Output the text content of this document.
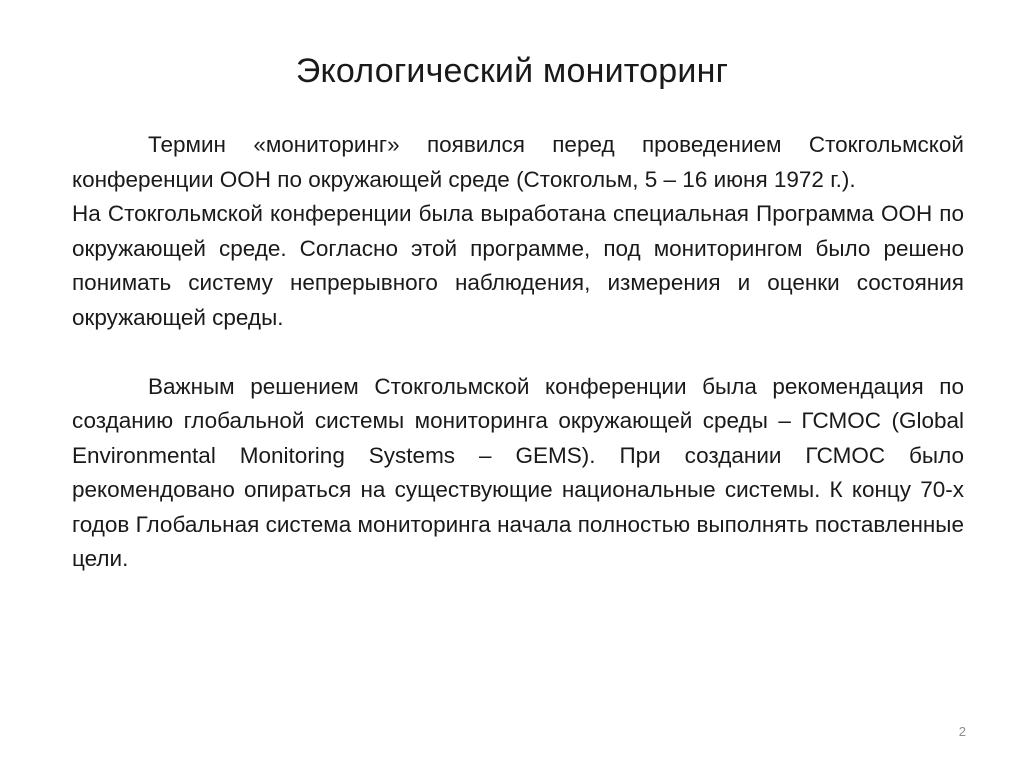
Экологический мониторинг

Термин «мониторинг» появился перед проведением Стокгольмской конференции ООН по окружающей среде (Стокгольм, 5 – 16 июня 1972 г.).

На Стокгольмской конференции была выработана специальная Программа ООН по окружающей среде. Согласно этой программе, под мониторингом было решено понимать систему непрерывного наблюдения, измерения и оценки состояния окружающей среды.

Важным решением Стокгольмской конференции была рекомендация по созданию глобальной системы мониторинга окружающей среды – ГСМОС (Global Environmental Monitoring Systems – GEMS). При создании ГСМОС было рекомендовано опираться на существующие национальные системы. К концу 70-х годов Глобальная система мониторинга начала полностью выполнять поставленные цели.

2
